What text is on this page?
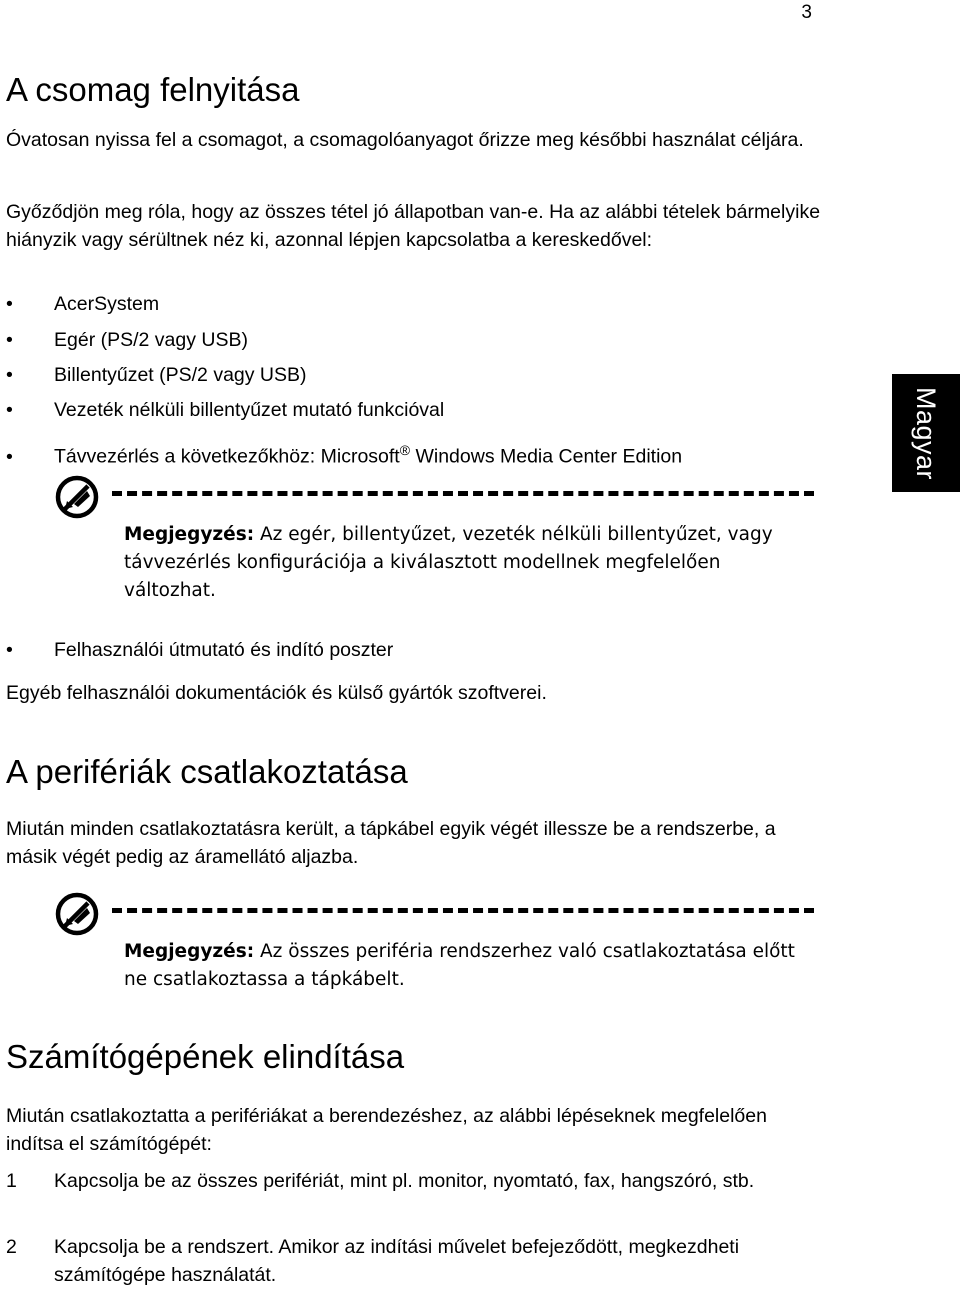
3
Magyar
A csomag felnyitása
Óvatosan nyissa fel a csomagot, a csomagolóanyagot őrizze meg későbbi használat céljára.
Győződjön meg róla, hogy az összes tétel jó állapotban van-e. Ha az alábbi tételek bármelyike hiányzik vagy sérültnek néz ki, azonnal lépjen kapcsolatba a kereskedővel:
• AcerSystem
• Egér (PS/2 vagy USB)
• Billentyűzet (PS/2 vagy USB)
• Vezeték nélküli billentyűzet mutató funkcióval
• Távvezérlés a következőkhöz: Microsoft® Windows Media Center Edition
Megjegyzés: Az egér, billentyűzet, vezeték nélküli billentyűzet, vagy távvezérlés konfigurációja a kiválasztott modellnek megfelelően változhat.
• Felhasználói útmutató és indító poszter
Egyéb felhasználói dokumentációk és külső gyártók szoftverei.
A perifériák csatlakoztatása
Miután minden csatlakoztatásra került, a tápkábel egyik végét illessze be a rendszerbe, a másik végét pedig az áramellátó aljazba.
Megjegyzés: Az összes periféria rendszerhez való csatlakoztatása előtt ne csatlakoztassa a tápkábelt.
Számítógépének elindítása
Miután csatlakoztatta a perifériákat a berendezéshez, az alábbi lépéseknek megfelelően indítsa el számítógépét:
1 Kapcsolja be az összes perifériát, mint pl. monitor, nyomtató, fax, hangszóró, stb.
2 Kapcsolja be a rendszert. Amikor az indítási művelet befejeződött, megkezdheti számítógépe használatát.
